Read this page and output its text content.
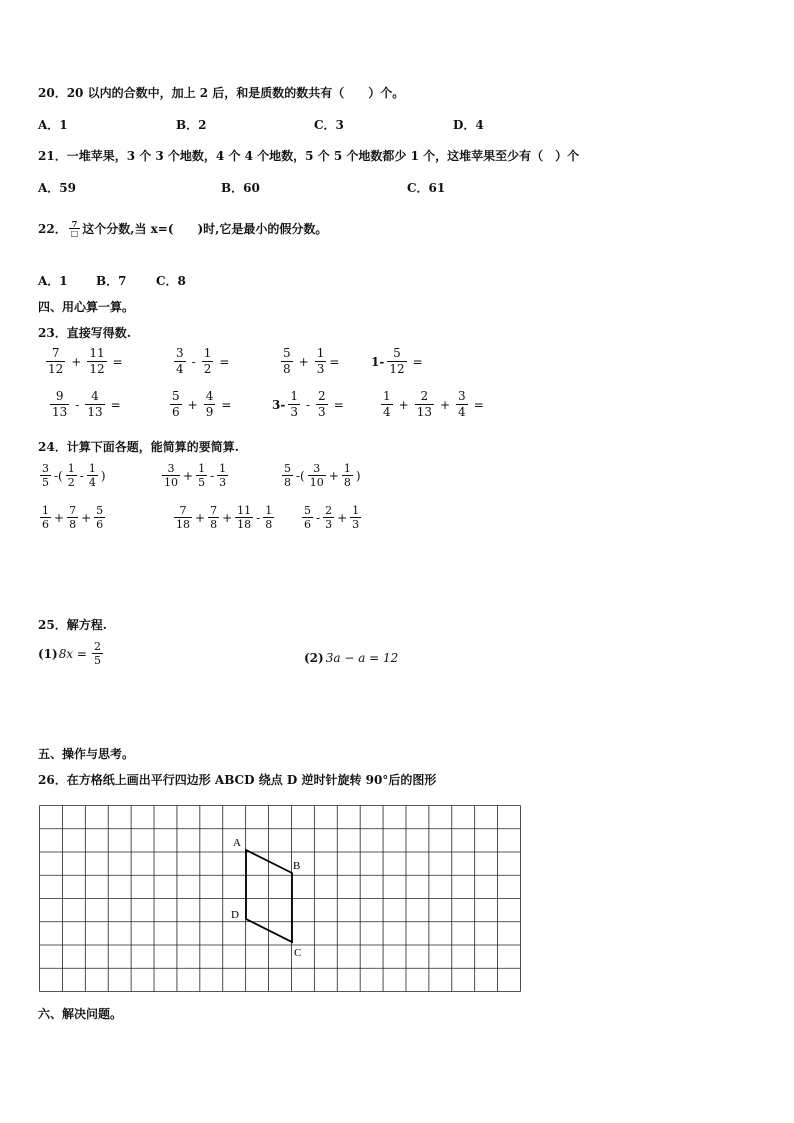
20．20 以内的合数中，加上 2 后，和是质数的数共有（　　）个。
A．1	B．2	C．3	D．4
21．一堆苹果，3 个 3 个地数，4 个 4 个地数，5 个 5 个地数都少 1 个，这堆苹果至少有（　）个
A．59	B．60	C．61
22． $\frac{7}{□}$ 这个分数,当 x=(　　)时,它是最小的假分数。
A．1 B．7 C．8
四、用心算一算。
23．直接写得数.
$\frac{7}{12} + \frac{11}{12}$ =	$\frac{3}{4} - \frac{1}{2}$ =	$\frac{5}{8} + \frac{1}{3}$ =	$1- \frac{5}{12}$ =
$\frac{9}{13} - \frac{4}{13}$ =	$\frac{5}{6} + \frac{4}{9}$ =	$3- \frac{1}{3} - \frac{2}{3}$ =	$\frac{1}{4} + \frac{2}{13} + \frac{3}{4}$ =
24．计算下面各题，能简算的要简算.
$\frac{3}{5}$ -( $\frac{1}{2} - \frac{1}{4}$ )	$\frac{3}{10} + \frac{1}{5} - \frac{1}{3}$	$\frac{5}{8}$ -( $\frac{3}{10} + \frac{1}{8}$ )
$\frac{1}{6} + \frac{7}{8} + \frac{5}{6}$	$\frac{7}{18} + \frac{7}{8} + \frac{11}{18} - \frac{1}{8}$	$\frac{5}{6} - \frac{2}{3} + \frac{1}{3}$
25．解方程.
(1) $8x = \frac{2}{5}$	(2) 3a − a = 12
五、操作与思考。
26．在方格纸上画出平行四边形 ABCD 绕点 D 逆时针旋转 90°后的图形
A
B
C
D
六、解决问题。
